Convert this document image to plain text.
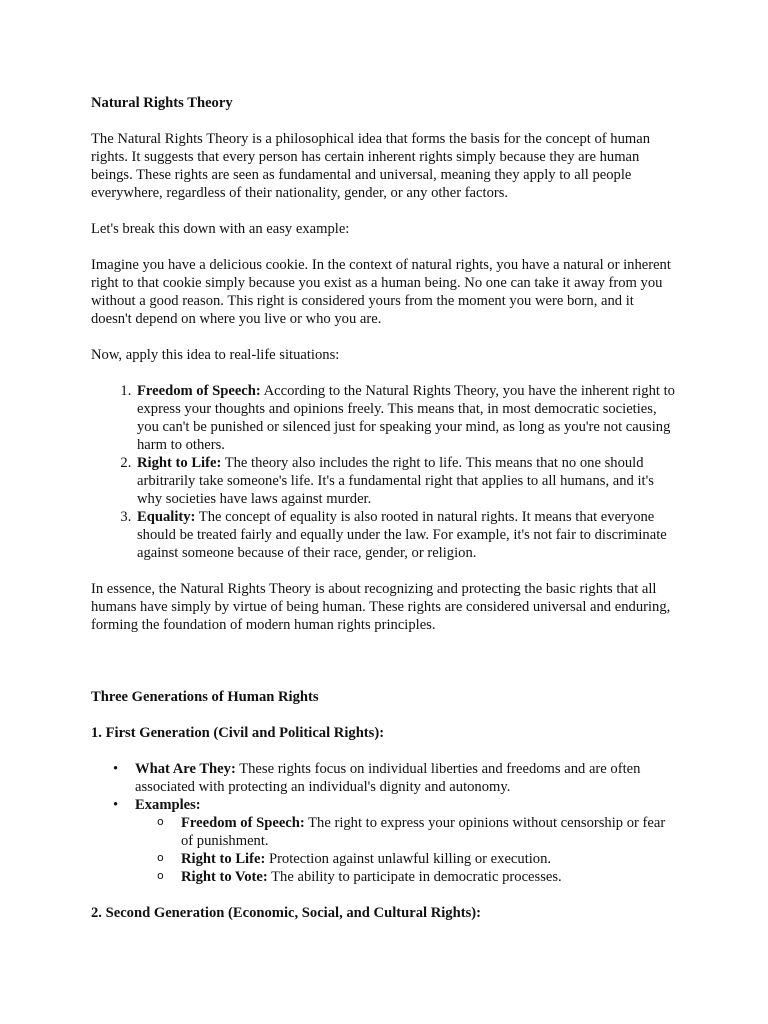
Natural Rights Theory

The Natural Rights Theory is a philosophical idea that forms the basis for the concept of human rights. It suggests that every person has certain inherent rights simply because they are human beings. These rights are seen as fundamental and universal, meaning they apply to all people everywhere, regardless of their nationality, gender, or any other factors.

Let's break this down with an easy example:

Imagine you have a delicious cookie. In the context of natural rights, you have a natural or inherent right to that cookie simply because you exist as a human being. No one can take it away from you without a good reason. This right is considered yours from the moment you were born, and it doesn't depend on where you live or who you are.

Now, apply this idea to real-life situations:

1. Freedom of Speech: According to the Natural Rights Theory, you have the inherent right to express your thoughts and opinions freely. This means that, in most democratic societies, you can't be punished or silenced just for speaking your mind, as long as you're not causing harm to others.
2. Right to Life: The theory also includes the right to life. This means that no one should arbitrarily take someone's life. It's a fundamental right that applies to all humans, and it's why societies have laws against murder.
3. Equality: The concept of equality is also rooted in natural rights. It means that everyone should be treated fairly and equally under the law. For example, it's not fair to discriminate against someone because of their race, gender, or religion.

In essence, the Natural Rights Theory is about recognizing and protecting the basic rights that all humans have simply by virtue of being human. These rights are considered universal and enduring, forming the foundation of modern human rights principles.

Three Generations of Human Rights
1. First Generation (Civil and Political Rights):
• What Are They: These rights focus on individual liberties and freedoms and are often associated with protecting an individual's dignity and autonomy.
• Examples:
o Freedom of Speech: The right to express your opinions without censorship or fear of punishment.
o Right to Life: Protection against unlawful killing or execution.
o Right to Vote: The ability to participate in democratic processes.
2. Second Generation (Economic, Social, and Cultural Rights):
